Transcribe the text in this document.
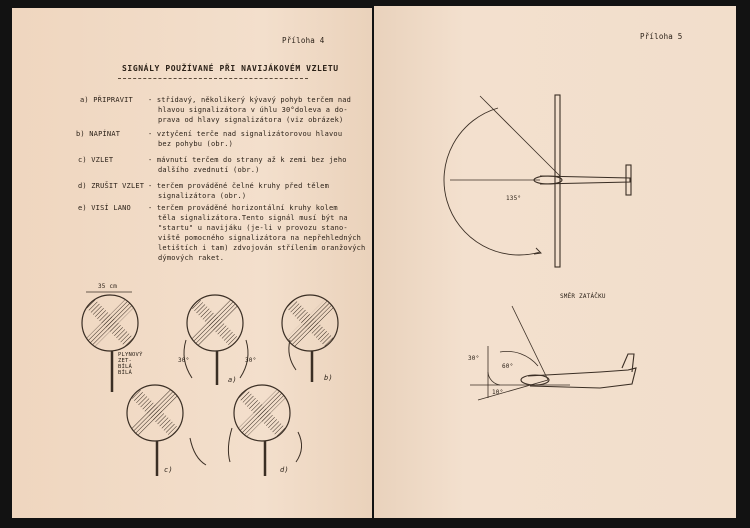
Příloha 4
SIGNÁLY POUŽÍVANÉ PŘI NAVIJÁKOVÉM VZLETU
a) PŘIPRAVIT - střídavý, několikerý kývavý pohyb terčem nad
hlavou signalizátora v úhlu 30°doleva a do-
prava od hlavy signalizátora (viz obrázek)
b) NAPÍNAT	- vztyčení terče nad signalizátorovou hlavou
bez pohybu (obr.)
c) VZLET	- mávnutí terčem do strany až k zemi bez jeho
dalšího zvednutí (obr.)
d) ZRUŠIT VZLET - terčem prováděné čelné kruhy před tělem
signalizátora (obr.)
e) VISÍ LANO - terčem prováděné horizontální kruhy kolem
těla signalizátora.Tento signál musí být na
"startu" u navijáku (je-li v provozu stano-
viště pomocného signalizátora na nepřehledných
letištích i tam) zdvojován střílením oranžových
dýmových raket.
35 cm
PLYNOVÝ
ZET-
BÍLÁ
BÍLÁ
30°	30°
a)	b)
c)	d)
Příloha 5
135°
SMĚR ZATÁČKU
60°
30°
10°
